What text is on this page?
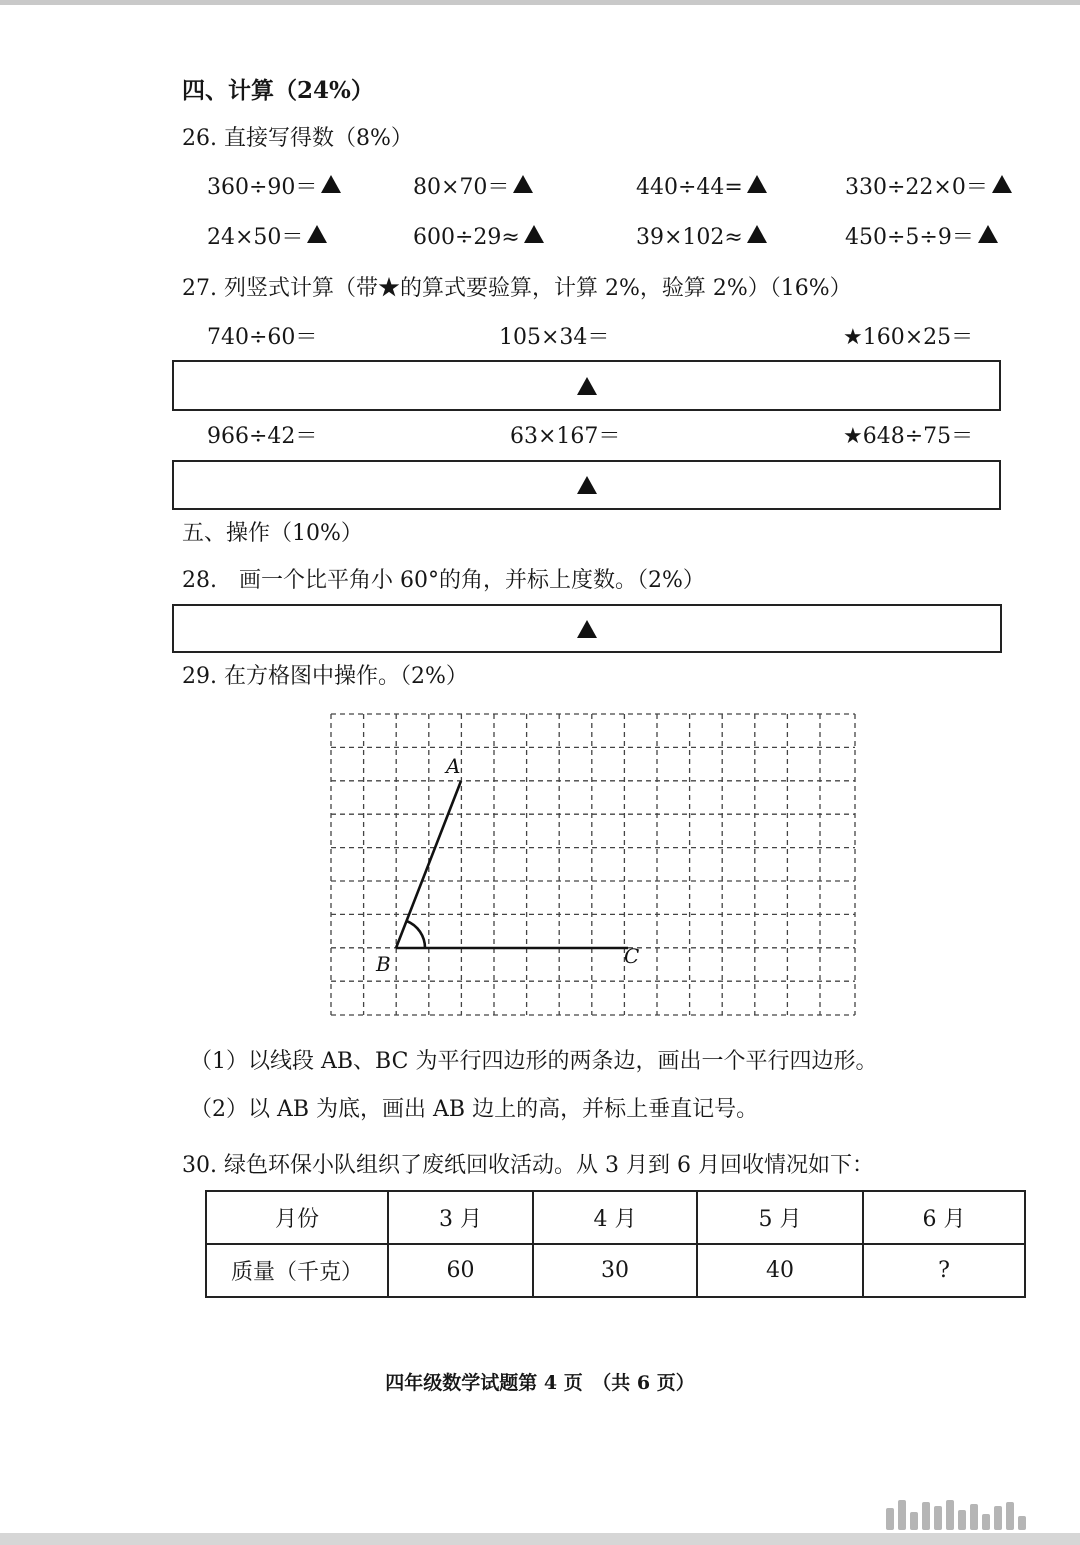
四、计算（24%）
26. 直接写得数（8%）
360÷90＝	80×70＝	440÷44=	330÷22×0＝
24×50＝	600÷29≈	39×102≈	450÷5÷9＝
27. 列竖式计算（带★的算式要验算，计算 2%，验算 2%）（16%）
740÷60＝	105×34＝	★160×25＝
966÷42＝	63×167＝	★648÷75＝
五、操作（10%）
28.　画一个比平角小 60°的角，并标上度数。（2%）
29. 在方格图中操作。（2%）
A
B	C
（1）以线段 AB、BC 为平行四边形的两条边，画出一个平行四边形。
（2）以 AB 为底，画出 AB 边上的高，并标上垂直记号。
30. 绿色环保小队组织了废纸回收活动。从 3 月到 6 月回收情况如下：
月份	3 月	4 月	5 月	6 月
质量（千克）	60	30	40	?
四年级数学试题第 4 页　（共 6 页）
